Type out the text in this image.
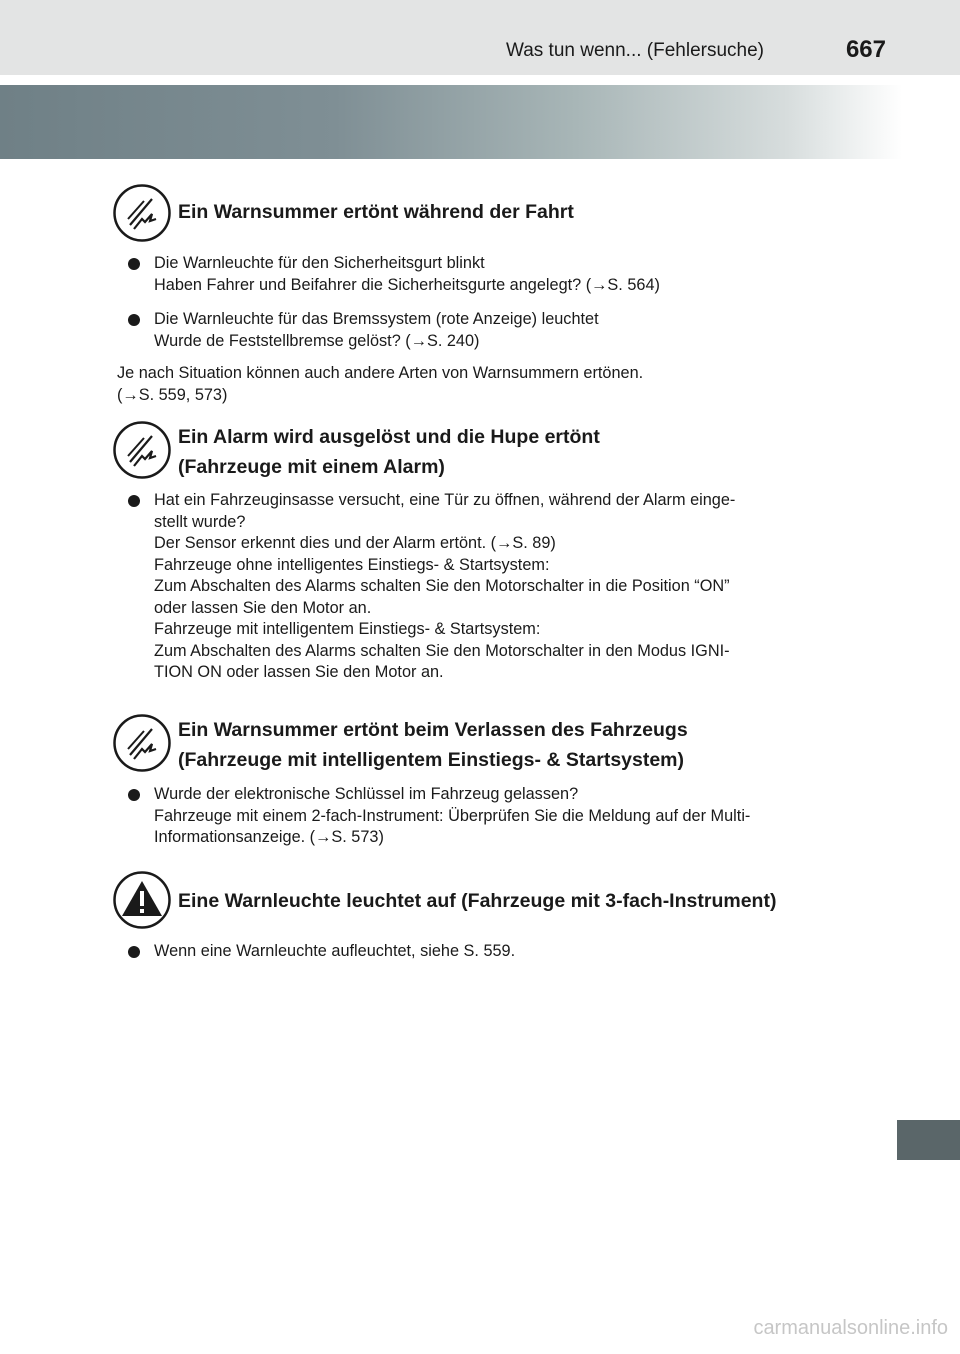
Was tun wenn... (Fehlersuche)	667
Ein Warnsummer ertönt während der Fahrt
Die Warnleuchte für den Sicherheitsgurt blinkt
Haben Fahrer und Beifahrer die Sicherheitsgurte angelegt? (→S. 564)
Die Warnleuchte für das Bremssystem (rote Anzeige) leuchtet
Wurde de Feststellbremse gelöst? (→S. 240)
Je nach Situation können auch andere Arten von Warnsummern ertönen.
(→S. 559, 573)
Ein Alarm wird ausgelöst und die Hupe ertönt
(Fahrzeuge mit einem Alarm)
Hat ein Fahrzeuginsasse versucht, eine Tür zu öffnen, während der Alarm einge-
stellt wurde?
Der Sensor erkennt dies und der Alarm ertönt. (→S. 89)
Fahrzeuge ohne intelligentes Einstiegs- & Startsystem:
Zum Abschalten des Alarms schalten Sie den Motorschalter in die Position “ON”
oder lassen Sie den Motor an.
Fahrzeuge mit intelligentem Einstiegs- & Startsystem:
Zum Abschalten des Alarms schalten Sie den Motorschalter in den Modus IGNI-
TION ON oder lassen Sie den Motor an.
Ein Warnsummer ertönt beim Verlassen des Fahrzeugs
(Fahrzeuge mit intelligentem Einstiegs- & Startsystem)
Wurde der elektronische Schlüssel im Fahrzeug gelassen?
Fahrzeuge mit einem 2-fach-Instrument: Überprüfen Sie die Meldung auf der Multi-
Informationsanzeige. (→S. 573)
Eine Warnleuchte leuchtet auf (Fahrzeuge mit 3-fach-Instrument)
Wenn eine Warnleuchte aufleuchtet, siehe S. 559.
carmanualsonline.info
